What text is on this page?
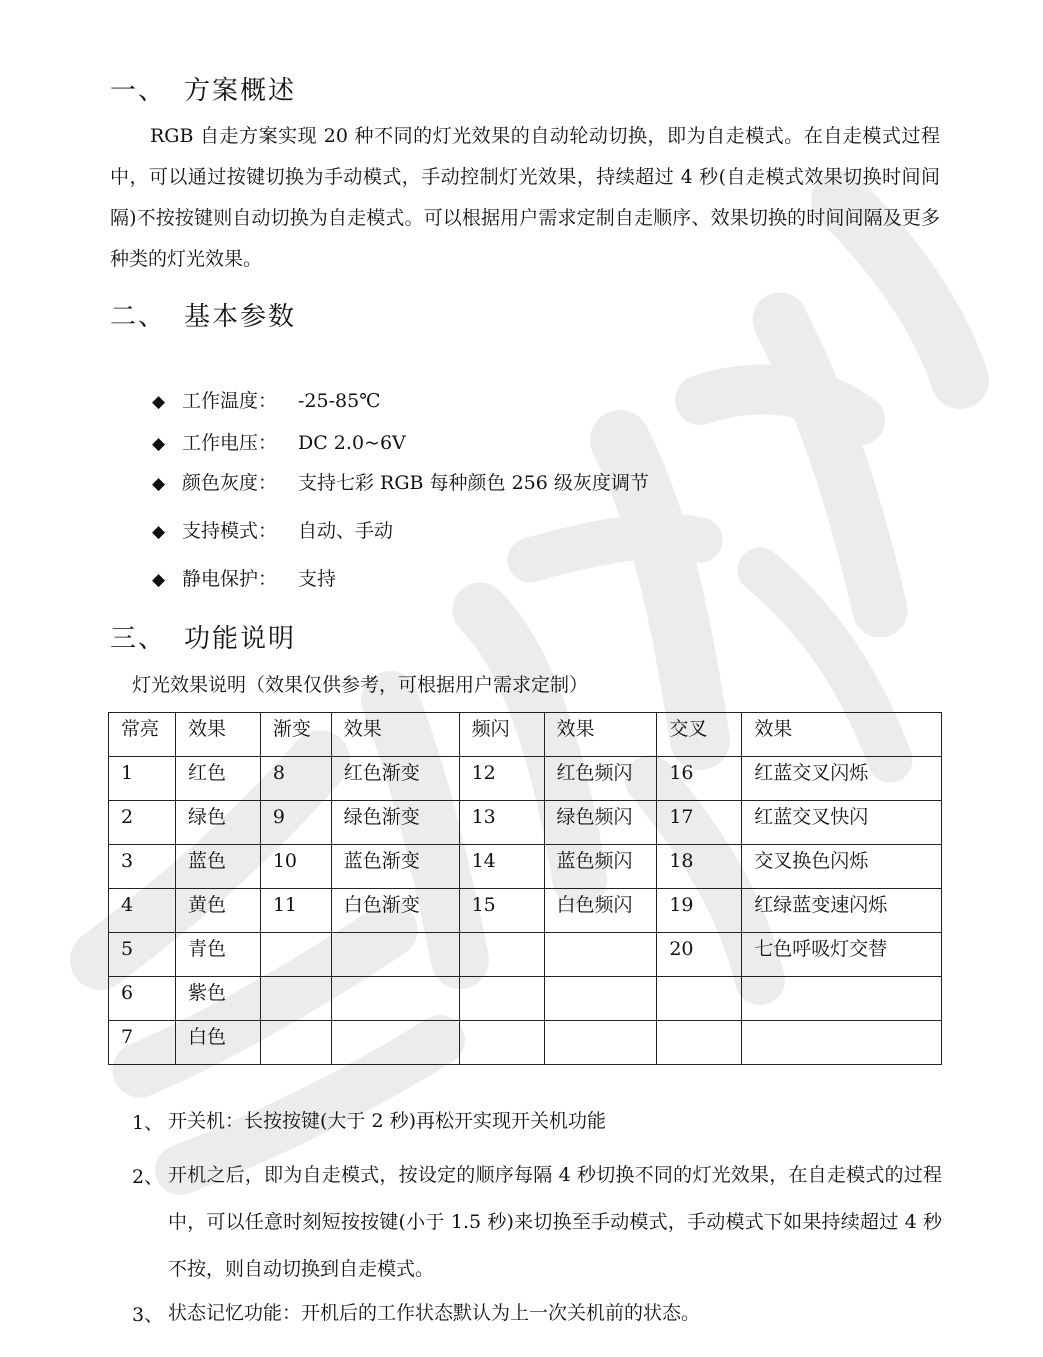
一、 方案概述

RGB 自走方案实现 20 种不同的灯光效果的自动轮动切换，即为自走模式。在自走模式过程中，可以通过按键切换为手动模式，手动控制灯光效果，持续超过 4 秒(自走模式效果切换时间间隔)不按按键则自动切换为自走模式。可以根据用户需求定制自走顺序、效果切换的时间间隔及更多种类的灯光效果。

二、 基本参数
◆ 工作温度： -25-85℃
◆ 工作电压： DC 2.0~6V
◆ 颜色灰度： 支持七彩 RGB 每种颜色 256 级灰度调节
◆ 支持模式： 自动、手动
◆ 静电保护： 支持
三、 功能说明
灯光效果说明（效果仅供参考，可根据用户需求定制）
常亮	效果	渐变	效果	频闪	效果	交叉	效果
1	红色	8	红色渐变	12	红色频闪	16	红蓝交叉闪烁
2	绿色	9	绿色渐变	13	绿色频闪	17	红蓝交叉快闪
3	蓝色	10	蓝色渐变	14	蓝色频闪	18	交叉换色闪烁
4	黄色	11	白色渐变	15	白色频闪	19	红绿蓝变速闪烁
5	青色					20	七色呼吸灯交替
6	紫色						
7	白色						
1、 开关机：长按按键(大于 2 秒)再松开实现开关机功能
2、 开机之后，即为自走模式，按设定的顺序每隔 4 秒切换不同的灯光效果，在自走模式的过程中，可以任意时刻短按按键(小于 1.5 秒)来切换至手动模式，手动模式下如果持续超过 4 秒不按，则自动切换到自走模式。
3、 状态记忆功能：开机后的工作状态默认为上一次关机前的状态。
